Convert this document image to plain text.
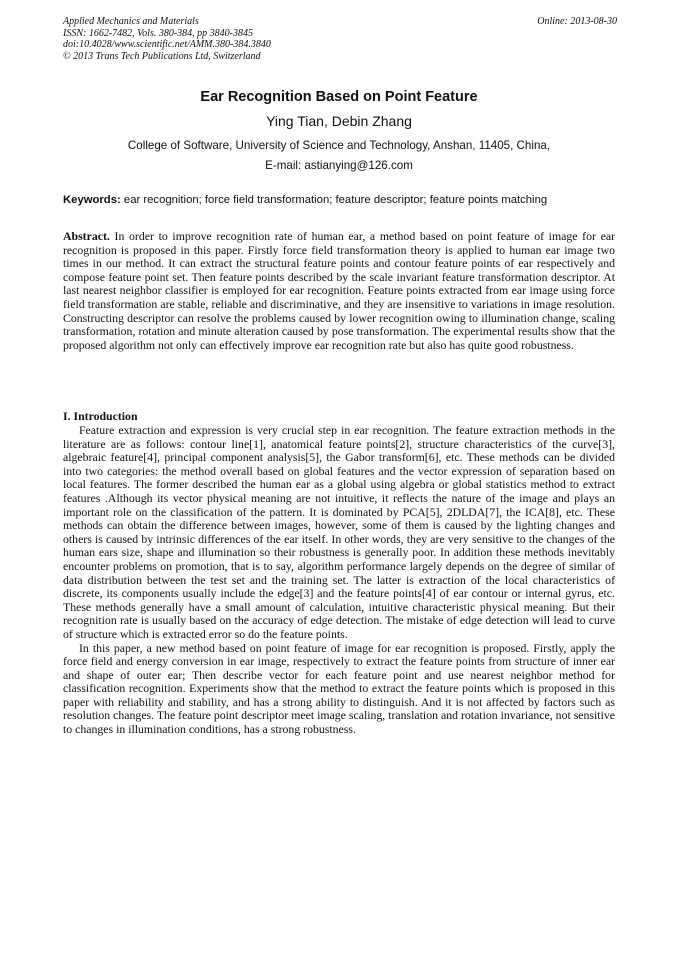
Applied Mechanics and Materials
ISSN: 1662-7482, Vols. 380-384, pp 3840-3845
doi:10.4028/www.scientific.net/AMM.380-384.3840
© 2013 Trans Tech Publications Ltd, Switzerland
Online: 2013-08-30
Ear Recognition Based on Point Feature
Ying Tian, Debin Zhang
College of Software, University of Science and Technology, Anshan, 11405, China,
E-mail: astianying@126.com
Keywords: ear recognition; force field transformation; feature descriptor; feature points matching
Abstract. In order to improve recognition rate of human ear, a method based on point feature of image for ear recognition is proposed in this paper. Firstly force field transformation theory is applied to human ear image two times in our method. It can extract the structural feature points and contour feature points of ear respectively and compose feature point set. Then feature points described by the scale invariant feature transformation descriptor. At last nearest neighbor classifier is employed for ear recognition. Feature points extracted from ear image using force field transformation are stable, reliable and discriminative, and they are insensitive to variations in image resolution. Constructing descriptor can resolve the problems caused by lower recognition owing to illumination change, scaling transformation, rotation and minute alteration caused by pose transformation. The experimental results show that the proposed algorithm not only can effectively improve ear recognition rate but also has quite good robustness.
I. Introduction

Feature extraction and expression is very crucial step in ear recognition. The feature extraction methods in the literature are as follows: contour line[1], anatomical feature points[2], structure characteristics of the curve[3], algebraic feature[4], principal component analysis[5], the Gabor transform[6], etc. These methods can be divided into two categories: the method overall based on global features and the vector expression of separation based on local features. The former described the human ear as a global using algebra or global statistics method to extract features .Although its vector physical meaning are not intuitive, it reflects the nature of the image and plays an important role on the classification of the pattern. It is dominated by PCA[5], 2DLDA[7], the ICA[8], etc. These methods can obtain the difference between images, however, some of them is caused by the lighting changes and others is caused by intrinsic differences of the ear itself. In other words, they are very sensitive to the changes of the human ears size, shape and illumination so their robustness is generally poor. In addition these methods inevitably encounter problems on promotion, that is to say, algorithm performance largely depends on the degree of similar of data distribution between the test set and the training set. The latter is extraction of the local characteristics of discrete, its components usually include the edge[3] and the feature points[4] of ear contour or internal gyrus, etc. These methods generally have a small amount of calculation, intuitive characteristic physical meaning. But their recognition rate is usually based on the accuracy of edge detection. The mistake of edge detection will lead to curve of structure which is extracted error so do the feature points.

In this paper, a new method based on point feature of image for ear recognition is proposed. Firstly, apply the force field and energy conversion in ear image, respectively to extract the feature points from structure of inner ear and shape of outer ear; Then describe vector for each feature point and use nearest neighbor method for classification recognition. Experiments show that the method to extract the feature points which is proposed in this paper with reliability and stability, and has a strong ability to distinguish. And it is not affected by factors such as resolution changes. The feature point descriptor meet image scaling, translation and rotation invariance, not sensitive to changes in illumination conditions, has a strong robustness.
